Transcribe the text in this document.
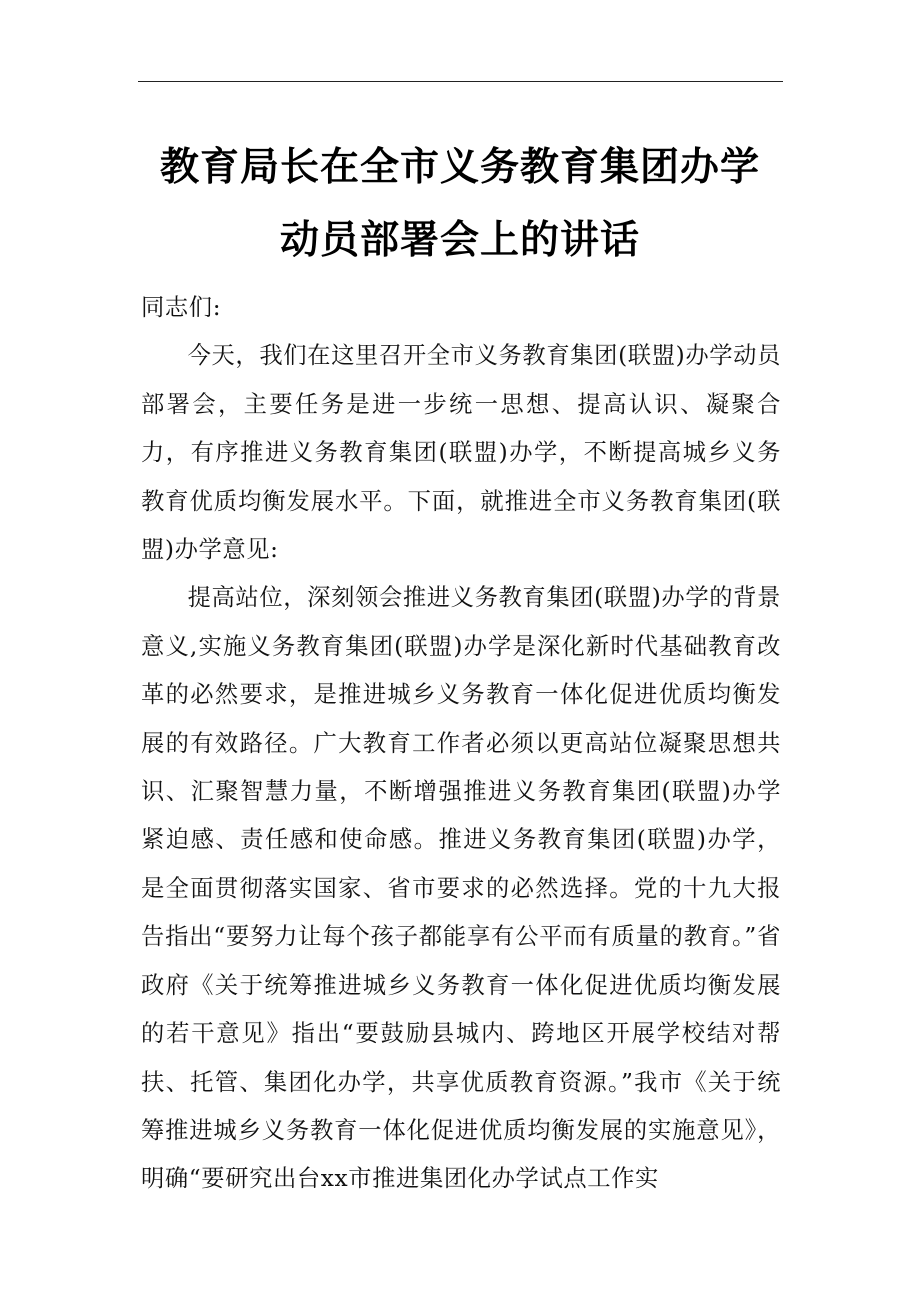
教育局长在全市义务教育集团办学
动员部署会上的讲话

同志们:

今天，我们在这里召开全市义务教育集团(联盟)办学动员部署会，主要任务是进一步统一思想、提高认识、凝聚合力，有序推进义务教育集团(联盟)办学，不断提高城乡义务教育优质均衡发展水平。下面，就推进全市义务教育集团(联盟)办学意见:

提高站位，深刻领会推进义务教育集团(联盟)办学的背景意义,实施义务教育集团(联盟)办学是深化新时代基础教育改革的必然要求，是推进城乡义务教育一体化促进优质均衡发展的有效路径。广大教育工作者必须以更高站位凝聚思想共识、汇聚智慧力量，不断增强推进义务教育集团(联盟)办学紧迫感、责任感和使命感。推进义务教育集团(联盟)办学，是全面贯彻落实国家、省市要求的必然选择。党的十九大报告指出“要努力让每个孩子都能享有公平而有质量的教育。”省政府《关于统筹推进城乡义务教育一体化促进优质均衡发展的若干意见》指出“要鼓励县城内、跨地区开展学校结对帮扶、托管、集团化办学，共享优质教育资源。”我市《关于统筹推进城乡义务教育一体化促进优质均衡发展的实施意见》，明确“要研究出台xx市推进集团化办学试点工作实
